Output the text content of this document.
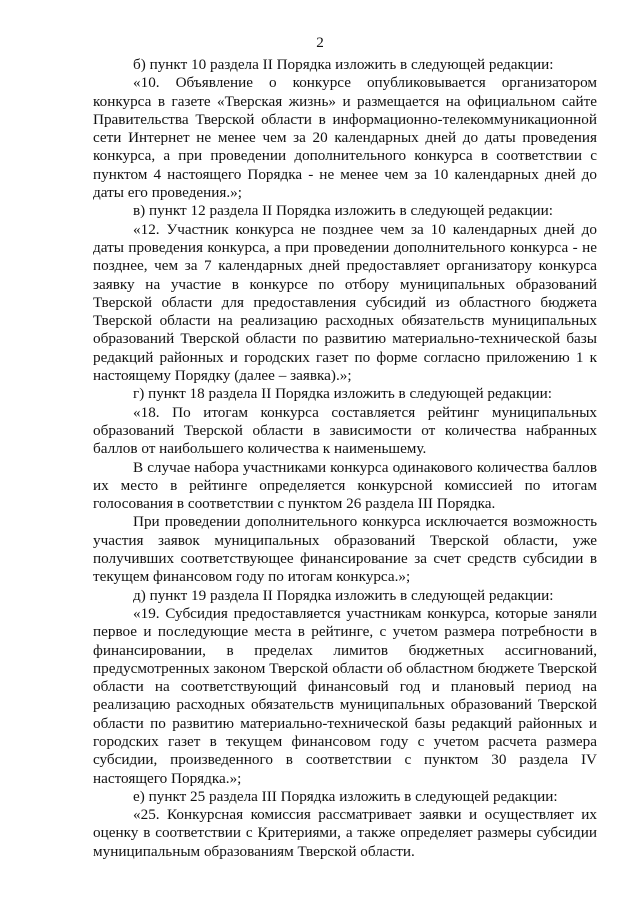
2

б) пункт 10 раздела II Порядка изложить в следующей редакции:

«10. Объявление о конкурсе опубликовывается организатором конкурса в газете «Тверская жизнь» и размещается на официальном сайте Правительства Тверской области в информационно-телекоммуникационной сети Интернет не менее чем за 20 календарных дней до даты проведения конкурса, а при проведении дополнительного конкурса в соответствии с пунктом 4 настоящего Порядка - не менее чем за 10 календарных дней до даты его проведения.»;

в) пункт 12 раздела II Порядка изложить в следующей редакции:

«12. Участник конкурса не позднее чем за 10 календарных дней до даты проведения конкурса, а при проведении дополнительного конкурса - не позднее, чем за 7 календарных дней предоставляет организатору конкурса заявку на участие в конкурсе по отбору муниципальных образований Тверской области для предоставления субсидий из областного бюджета Тверской области на реализацию расходных обязательств муниципальных образований Тверской области по развитию материально-технической базы редакций районных и городских газет по форме согласно приложению 1 к настоящему Порядку (далее – заявка).»;

г) пункт 18 раздела II Порядка изложить в следующей редакции:

«18. По итогам конкурса составляется рейтинг муниципальных образований Тверской области в зависимости от количества набранных баллов от наибольшего количества к наименьшему.

В случае набора участниками конкурса одинакового количества баллов их место в рейтинге определяется конкурсной комиссией по итогам голосования в соответствии с пунктом 26 раздела III Порядка.

При проведении дополнительного конкурса исключается возможность участия заявок муниципальных образований Тверской области, уже получивших соответствующее финансирование за счет средств субсидии в текущем финансовом году по итогам конкурса.»;

д) пункт 19 раздела II Порядка изложить в следующей редакции:

«19. Субсидия предоставляется участникам конкурса, которые заняли первое и последующие места в рейтинге, с учетом размера потребности в финансировании, в пределах лимитов бюджетных ассигнований, предусмотренных законом Тверской области об областном бюджете Тверской области на соответствующий финансовый год и плановый период на реализацию расходных обязательств муниципальных образований Тверской области по развитию материально-технической базы редакций районных и городских газет в текущем финансовом году с учетом расчета размера субсидии, произведенного в соответствии с пунктом 30 раздела IV настоящего Порядка.»;

е) пункт 25 раздела III Порядка изложить в следующей редакции:

«25. Конкурсная комиссия рассматривает заявки и осуществляет их оценку в соответствии с Критериями, а также определяет размеры субсидии муниципальным образованиям Тверской области.
